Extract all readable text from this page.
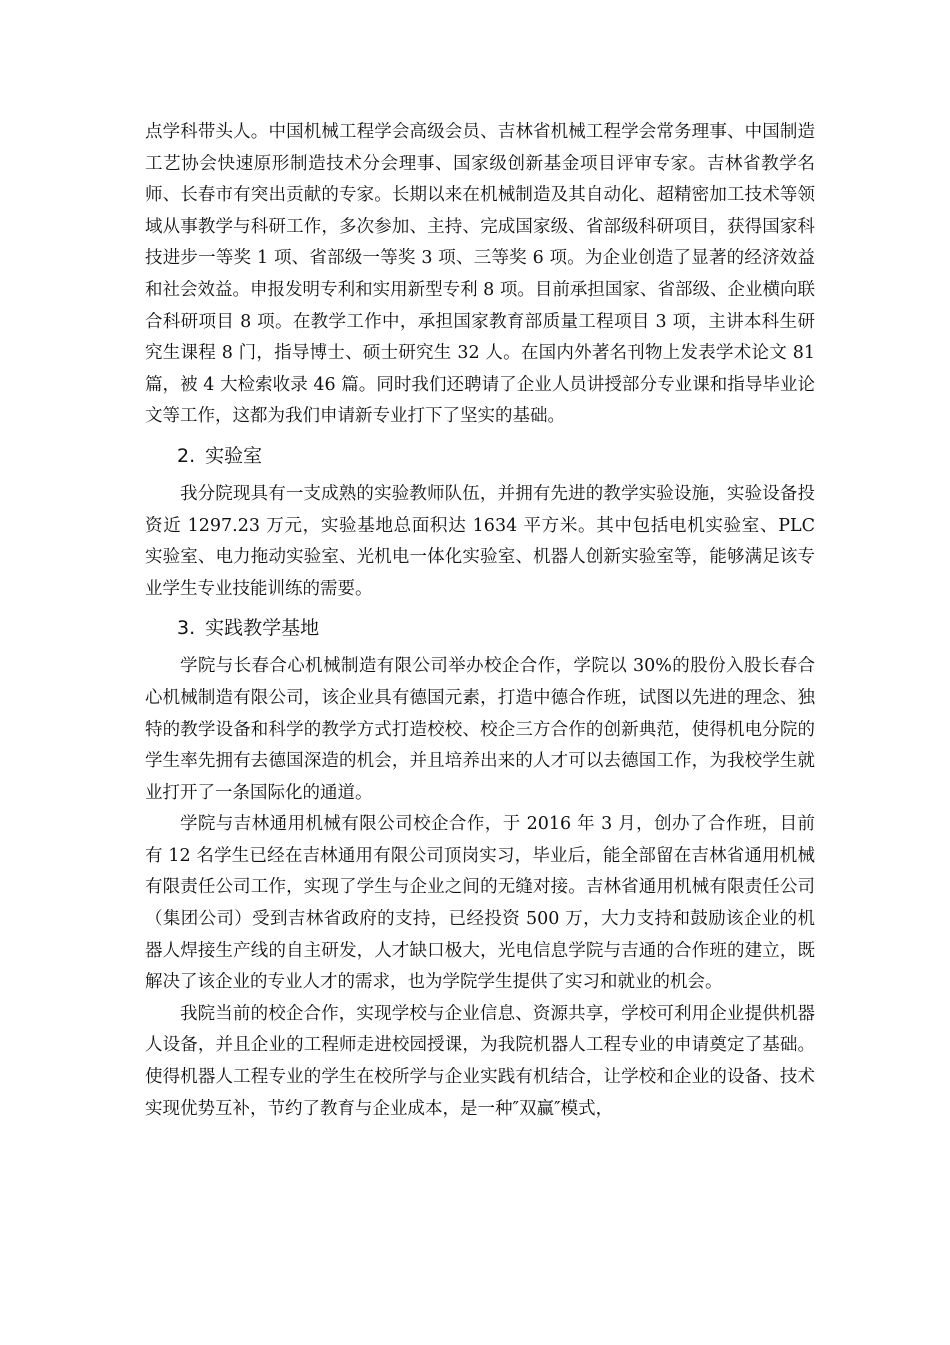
点学科带头人。中国机械工程学会高级会员、吉林省机械工程学会常务理事、中国制造工艺协会快速原形制造技术分会理事、国家级创新基金项目评审专家。吉林省教学名师、长春市有突出贡献的专家。长期以来在机械制造及其自动化、超精密加工技术等领域从事教学与科研工作，多次参加、主持、完成国家级、省部级科研项目，获得国家科技进步一等奖 1 项、省部级一等奖 3 项、三等奖 6 项。为企业创造了显著的经济效益和社会效益。申报发明专利和实用新型专利 8 项。目前承担国家、省部级、企业横向联合科研项目 8 项。在教学工作中，承担国家教育部质量工程项目 3 项，主讲本科生研究生课程 8 门，指导博士、硕士研究生 32 人。在国内外著名刊物上发表学术论文 81 篇，被 4 大检索收录 46 篇。同时我们还聘请了企业人员讲授部分专业课和指导毕业论文等工作，这都为我们申请新专业打下了坚实的基础。

2. 实验室

我分院现具有一支成熟的实验教师队伍，并拥有先进的教学实验设施，实验设备投资近 1297.23 万元，实验基地总面积达 1634 平方米。其中包括电机实验室、PLC 实验室、电力拖动实验室、光机电一体化实验室、机器人创新实验室等，能够满足该专业学生专业技能训练的需要。

3. 实践教学基地

学院与长春合心机械制造有限公司举办校企合作，学院以 30%的股份入股长春合心机械制造有限公司，该企业具有德国元素，打造中德合作班，试图以先进的理念、独特的教学设备和科学的教学方式打造校校、校企三方合作的创新典范，使得机电分院的学生率先拥有去德国深造的机会，并且培养出来的人才可以去德国工作，为我校学生就业打开了一条国际化的通道。

学院与吉林通用机械有限公司校企合作，于 2016 年 3 月，创办了合作班，目前有 12 名学生已经在吉林通用有限公司顶岗实习，毕业后，能全部留在吉林省通用机械有限责任公司工作，实现了学生与企业之间的无缝对接。吉林省通用机械有限责任公司（集团公司）受到吉林省政府的支持，已经投资 500 万，大力支持和鼓励该企业的机器人焊接生产线的自主研发，人才缺口极大，光电信息学院与吉通的合作班的建立，既解决了该企业的专业人才的需求，也为学院学生提供了实习和就业的机会。

我院当前的校企合作，实现学校与企业信息、资源共享，学校可利用企业提供机器人设备，并且企业的工程师走进校园授课，为我院机器人工程专业的申请奠定了基础。使得机器人工程专业的学生在校所学与企业实践有机结合，让学校和企业的设备、技术实现优势互补，节约了教育与企业成本，是一种″双赢″模式，
